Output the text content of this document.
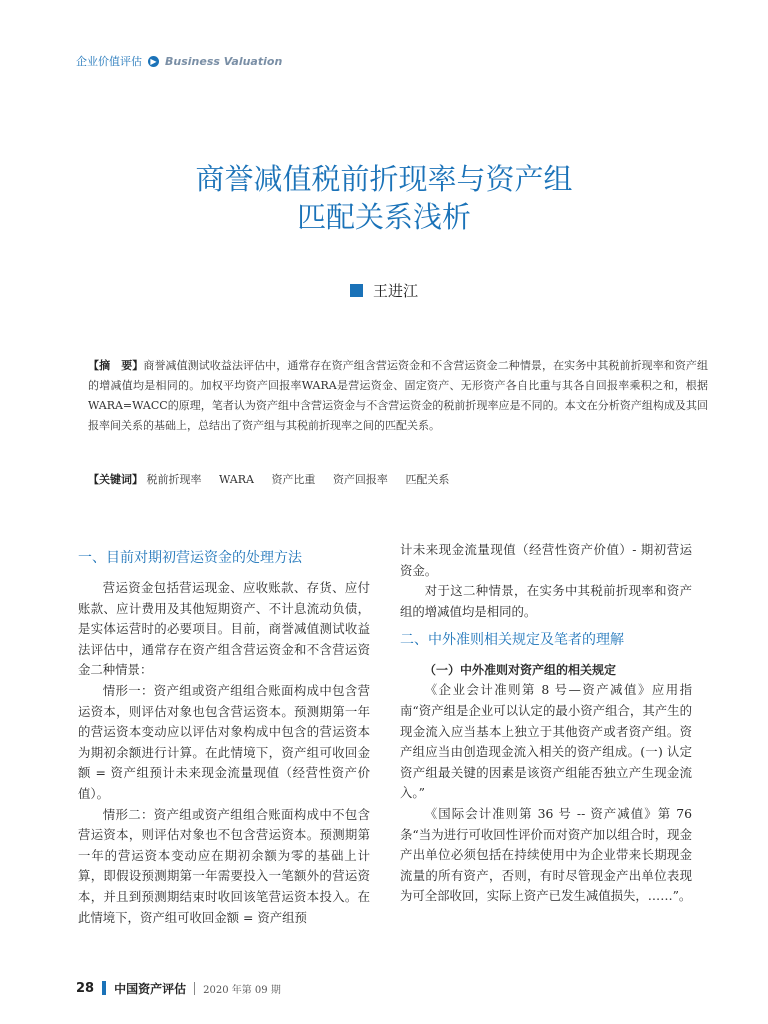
企业价值评估	▶ Business Valuation
商誉减值税前折现率与资产组
匹配关系浅析
王进江
【摘　要】商誉减值测试收益法评估中，通常存在资产组含营运资金和不含营运资金二种情景，在实务中其税前折现率和资产组的增减值均是相同的。加权平均资产回报率WARA是营运资金、固定资产、无形资产各自比重与其各自回报率乘积之和，根据WARA=WACC的原理，笔者认为资产组中含营运资金与不含营运资金的税前折现率应是不同的。本文在分析资产组构成及其回报率间关系的基础上，总结出了资产组与其税前折现率之间的匹配关系。
【关键词】 税前折现率 WARA 资产比重 资产回报率 匹配关系
一、目前对期初营运资金的处理方法

营运资金包括营运现金、应收账款、存货、应付账款、应计费用及其他短期资产、不计息流动负债，是实体运营时的必要项目。目前，商誉减值测试收益法评估中，通常存在资产组含营运资金和不含营运资金二种情景：

情形一：资产组或资产组组合账面构成中包含营运资本，则评估对象也包含营运资本。预测期第一年的营运资本变动应以评估对象构成中包含的营运资本为期初余额进行计算。在此情境下，资产组可收回金额 = 资产组预计未来现金流量现值（经营性资产价值）。

情形二：资产组或资产组组合账面构成中不包含营运资本，则评估对象也不包含营运资本。预测期第一年的营运资本变动应在期初余额为零的基础上计算，即假设预测期第一年需要投入一笔额外的营运资本，并且到预测期结束时收回该笔营运资本投入。在此情境下，资产组可收回金额 = 资产组预

计未来现金流量现值（经营性资产价值）- 期初营运资金。

对于这二种情景，在实务中其税前折现率和资产组的增减值均是相同的。

二、中外准则相关规定及笔者的理解

（一）中外准则对资产组的相关规定

《企业会计准则第 8 号—资产减值》应用指南“资产组是企业可以认定的最小资产组合，其产生的现金流入应当基本上独立于其他资产或者资产组。资产组应当由创造现金流入相关的资产组成。(一) 认定资产组最关键的因素是该资产组能否独立产生现金流入。”

《国际会计准则第 36 号 -- 资产减值》第 76 条“当为进行可收回性评价而对资产加以组合时，现金产出单位必须包括在持续使用中为企业带来长期现金流量的所有资产，否则，有时尽管现金产出单位表现为可全部收回，实际上资产已发生减值损失，……”。

28 中国资产评估 2020 年第 09 期
